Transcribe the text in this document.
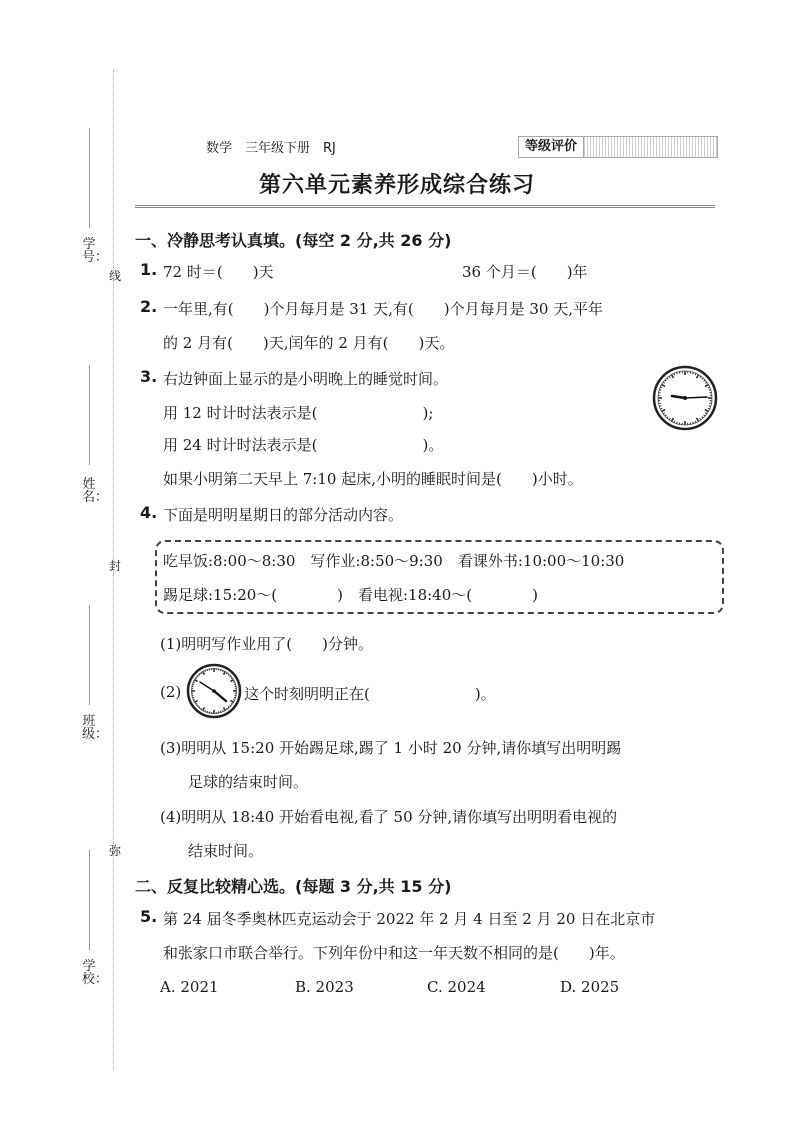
学号：
线
姓名：
封
班级：
弥
学校：
数学　三年级下册　RJ	等级评价
第六单元素养形成综合练习
一、冷静思考认真填。(每空 2 分,共 26 分)
1. 72 时＝(　　)天	36 个月＝(　　)年
2. 一年里,有(　　)个月每月是 31 天,有(　　)个月每月是 30 天,平年
的 2 月有(　　)天,闰年的 2 月有(　　)天。
3. 右边钟面上显示的是小明晚上的睡觉时间。
用 12 时计时法表示是(　　　　　　　);
用 24 时计时法表示是(　　　　　　　)。
如果小明第二天早上 7:10 起床,小明的睡眠时间是(　　)小时。
4. 下面是明明星期日的部分活动内容。
吃早饭:8:00～8:30　写作业:8:50～9:30　看课外书:10:00～10:30
踢足球:15:20～(　　　　)　看电视:18:40～(　　　　)
(1)明明写作业用了(　　)分钟。
(2)	这个时刻明明正在(　　　　　　　)。
(3)明明从 15:20 开始踢足球,踢了 1 小时 20 分钟,请你填写出明明踢
足球的结束时间。
(4)明明从 18:40 开始看电视,看了 50 分钟,请你填写出明明看电视的
结束时间。
二、反复比较精心选。(每题 3 分,共 15 分)
5. 第 24 届冬季奥林匹克运动会于 2022 年 2 月 4 日至 2 月 20 日在北京市
和张家口市联合举行。下列年份中和这一年天数不相同的是(　　)年。
A. 2021	B. 2023	C. 2024	D. 2025
